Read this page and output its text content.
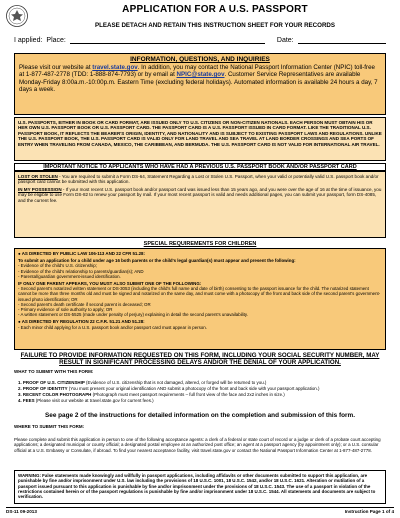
APPLICATION FOR A U.S. PASSPORT
PLEASE DETACH AND RETAIN THIS INSTRUCTION SHEET FOR YOUR RECORDS
I applied: Place:	Date:
INFORMATION, QUESTIONS, AND INQUIRIES
Please visit our website at travel.state.gov. In addition, you may contact the National Passport Information Center (NPIC) toll-free at 1-877-487-2778 (TDD: 1-888-874-7793) or by email at NPIC@state.gov. Customer Service Representatives are available Monday-Friday 8:00a.m.-10:00p.m. Eastern Time (excluding federal holidays). Automated information is available 24 hours a day, 7 days a week.
U.S. PASSPORTS, EITHER IN BOOK OR CARD FORMAT, ARE ISSUED ONLY TO U.S. CITIZENS OR NON-CITIZEN NATIONALS. EACH PERSON MUST OBTAIN HIS OR HER OWN U.S. PASSPORT BOOK OR U.S. PASSPORT CARD. THE PASSPORT CARD IS A U.S. PASSPORT ISSUED IN CARD FORMAT. LIKE THE TRADITIONAL U.S. PASSPORT BOOK, IT REFLECTS THE BEARER'S ORIGIN, IDENTITY, AND NATIONALITY AND IS SUBJECT TO EXISTING PASSPORT LAWS AND REGULATIONS. UNLIKE THE U.S. PASSPORT BOOK, THE U.S. PASSPORT CARD IS VALID ONLY FOR LAND TRAVEL AND SEA TRAVEL AT LAND BORDER CROSSINGS AND SEA PORTS OF ENTRY WHEN TRAVELING FROM CANADA, MEXICO, THE CARIBBEAN, AND BERMUDA. THE U.S. PASSPORT CARD IS NOT VALID FOR INTERNATIONAL AIR TRAVEL.
IMPORTANT NOTICE TO APPLICANTS WHO HAVE HAD A PREVIOUS U.S. PASSPORT BOOK AND/OR PASSPORT CARD

LOST OR STOLEN - You are required to submit a Form DS-64, Statement Regarding a Lost or Stolen U.S. Passport, when your valid or potentially valid U.S. passport book and/or passport card cannot be submitted with this application.

IN MY POSSESSION - If your most recent U.S. passport book and/or passport card was issued less than 15 years ago, and you were over the age of 16 at the time of issuance, you may be eligible to use Form DS-82 to renew your passport by mail. If your most recent passport is valid and needs additional pages, you can submit your passport, form DS-4085, and the current fee.

SPECIAL REQUIREMENTS FOR CHILDREN
● AS DIRECTED BY PUBLIC LAW 106-113 AND 22 CFR 51.28:
To submit an application for a child under age 16 both parents or the child's legal guardian(s) must appear and present the following:
- Evidence of the child's U.S. citizenship;
- Evidence of the child's relationship to parents/guardian(s); AND
- Parental/guardian government-issued identification.
IF ONLY ONE PARENT APPEARS, YOU MUST ALSO SUBMIT ONE OF THE FOLLOWING:
- Second parent's notarized written statement or DS-3053 (including the child's full name and date of birth) consenting to the passport issuance for the child. The notarized statement cannot be more than three months old and must be signed and notarized on the same day, and must come with a photocopy of the front and back side of the second parent's government-issued photo identification; OR
- Second parent's death certificate if second parent is deceased; OR
- Primary evidence of sole authority to apply; OR
- A written statement or DS-5525 (made under penalty of perjury) explaining in detail the second parent's unavailability.
● AS DIRECTED BY REGULATION 22 C.F.R. 51.21 AND 51.28:
- Each minor child applying for a U.S. passport book and/or passport card must appear in person.
FAILURE TO PROVIDE INFORMATION REQUESTED ON THIS FORM, INCLUDING YOUR SOCIAL SECURITY NUMBER, MAY RESULT IN SIGNIFICANT PROCESSING DELAYS AND/OR THE DENIAL OF YOUR APPLICATION.
WHAT TO SUBMIT WITH THIS FORM:
1. PROOF OF U.S. CITIZENSHIP (Evidence of U.S. citizenship that is not damaged, altered, or forged will be returned to you.)
2. PROOF OF IDENTITY (You must present your original identification AND submit a photocopy of the front and back side with your passport application.)
3. RECENT COLOR PHOTOGRAPH (Photograph must meet passport requirements – full front view of the face and 2x2 inches in size.)
4. FEES (Please visit our website at travel.state.gov for current fees.)
See page 2 of the instructions for detailed information on the completion and submission of this form.
WHERE TO SUBMIT THIS FORM:
Please complete and submit this application in person to one of the following acceptance agents: a clerk of a federal or state court of record or a judge or clerk of a probate court accepting applications; a designated municipal or county official; a designated postal employee at an authorized post office; an agent at a passport agency (by appointment only); or a U.S. consular official at a U.S. Embassy or Consulate, if abroad. To find your nearest acceptance facility, visit travel.state.gov or contact the National Passport Information Center at 1-877-487-2778.
WARNING: False statements made knowingly and willfully in passport applications, including affidavits or other documents submitted to support this application, are punishable by fine and/or imprisonment under U.S. law including the provisions of 18 U.S.C. 1001, 18 U.S.C. 1542, and/or 18 U.S.C. 1621. Alteration or mutilation of a passport issued pursuant to this application is punishable by fine and/or imprisonment under the provisions of 18 U.S.C. 1543. The use of a passport in violation of the restrictions contained herein or of the passport regulations is punishable by fine and/or imprisonment under 18 U.S.C. 1544. All statements and documents are subject to verification.
DS-11 09-2013	Instruction Page 1 of 4
